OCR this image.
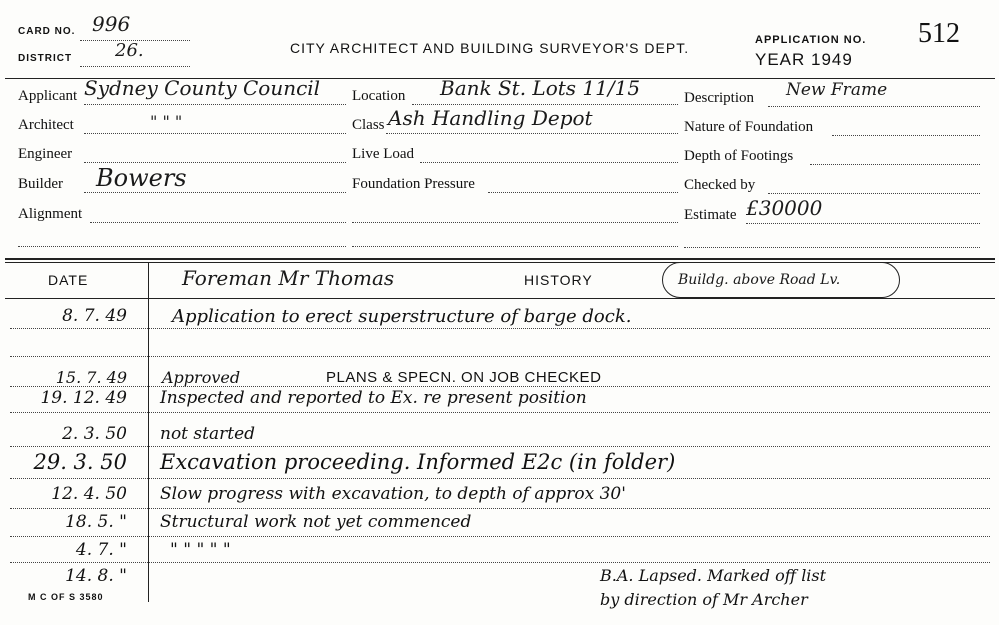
CARD NO. 996
DISTRICT 26.	CITY ARCHITECT AND BUILDING SURVEYOR'S DEPT.	APPLICATION NO. 512
YEAR 1949
Applicant Sydney County Council
Architect	" " "
Engineer
Builder Bowers
Alignment
Location Bank St. Lots 11/15
Class Ash Handling Depot
Live Load
Foundation Pressure
Description New Frame
Nature of Foundation
Depth of Footings
Checked by
Estimate £30000
DATE	Foreman Mr Thomas	HISTORY	Buildg. above Road Lv.
8. 7. 49	Application to erect superstructure of barge dock.
15. 7. 49 Approved	PLANS & SPECN. ON JOB CHECKED
19. 12. 49 Inspected and reported to Ex. re present position
2. 3. 50 not started
29. 3. 50 Excavation proceeding. Informed E2c (in folder)
12. 4. 50 Slow progress with excavation, to depth of approx 30'
18. 5. " Structural work not yet commenced
4. 7. "	" " " " "
14. 8. "	B.A. Lapsed. Marked off list
by direction of Mr Archer
M C OF S 3580
